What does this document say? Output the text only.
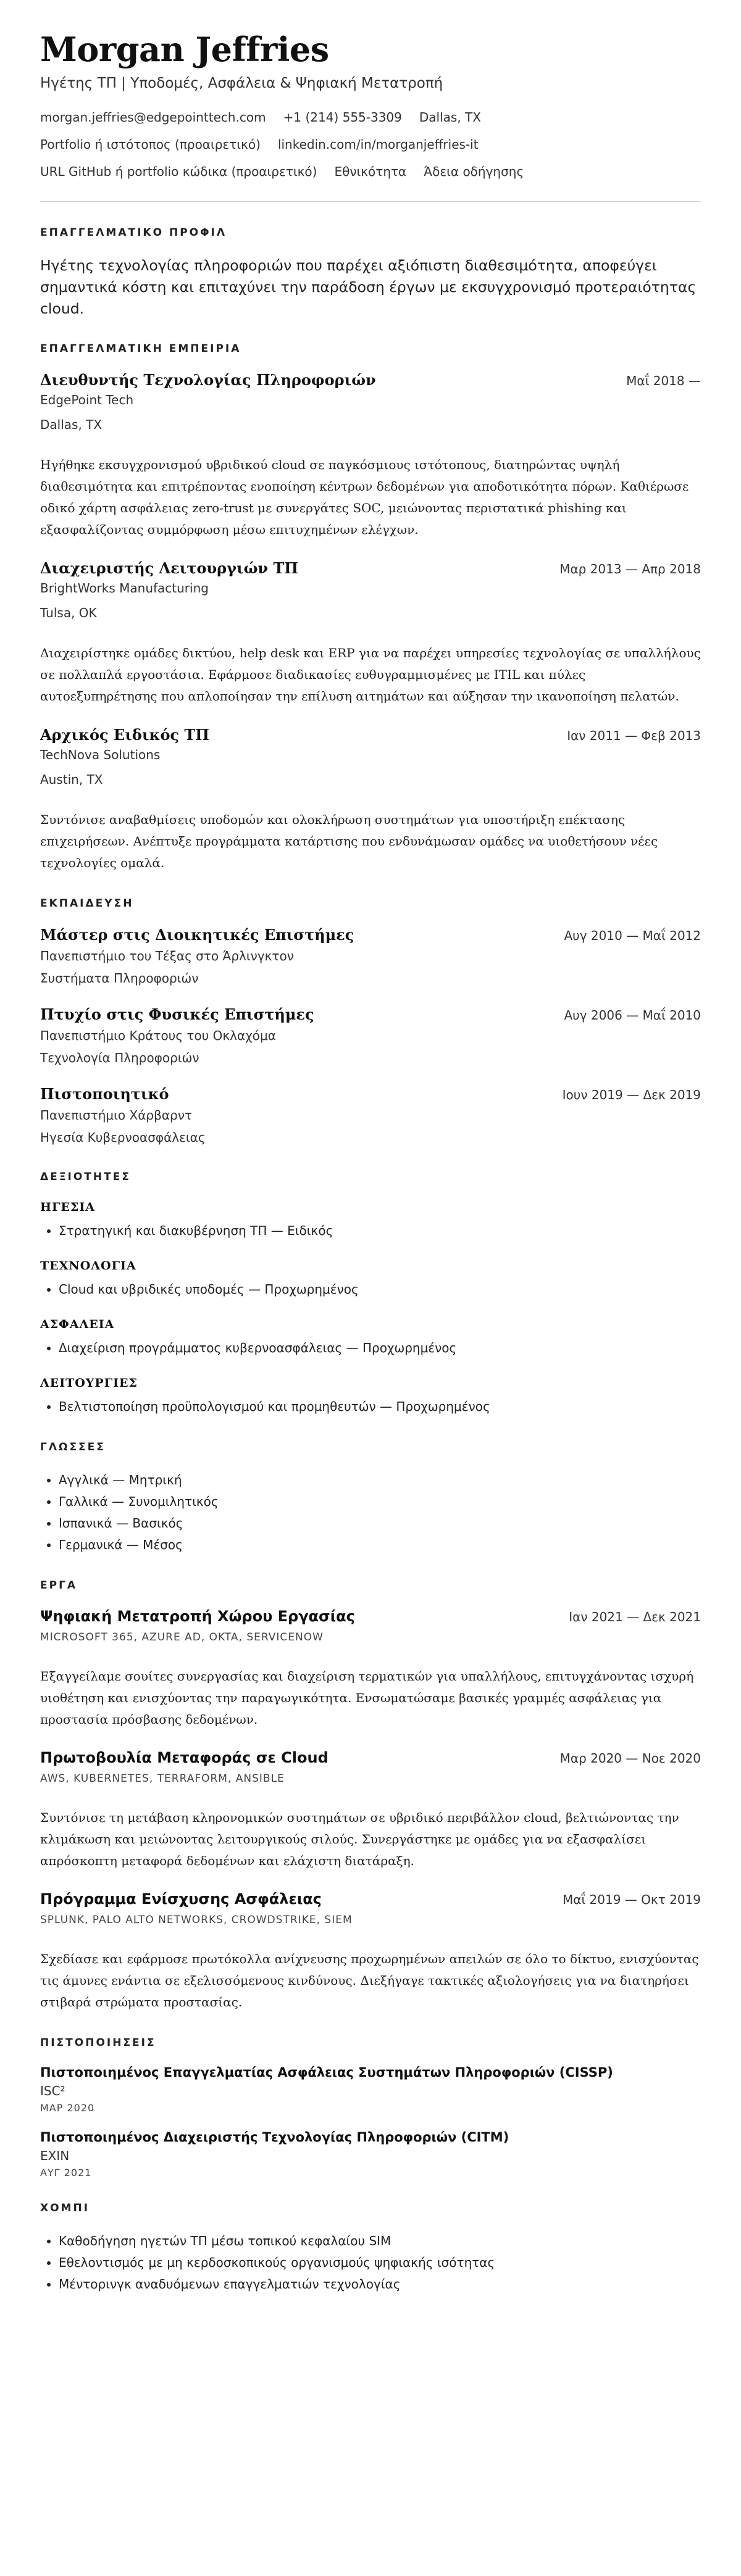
Morgan Jeffries
Ηγέτης ΤΠ | Υποδομές, Ασφάλεια & Ψηφιακή Μετατροπή
morgan.jeffries@edgepointtech.com +1 (214) 555-3309 Dallas, TX
Portfolio ή ιστότοπος (προαιρετικό) linkedin.com/in/morganjeffries-it
URL GitHub ή portfolio κώδικα (προαιρετικό) Εθνικότητα Άδεια οδήγησης
ΕΠΑΓΓΕΛΜΑΤΙΚΟ ΠΡΟΦΙΛ
Ηγέτης τεχνολογίας πληροφοριών που παρέχει αξιόπιστη διαθεσιμότητα, αποφεύγει σημαντικά κόστη και επιταχύνει την παράδοση έργων με εκσυγχρονισμό προτεραιότητας cloud.
ΕΠΑΓΓΕΛΜΑΤΙΚΗ ΕΜΠΕΙΡΙΑ
Διευθυντής Τεχνολογίας Πληροφοριών	Μαΐ 2018 —
EdgePoint Tech
Dallas, TX
Ηγήθηκε εκσυγχρονισμού υβριδικού cloud σε παγκόσμιους ιστότοπους, διατηρώντας υψηλή διαθεσιμότητα και επιτρέποντας ενοποίηση κέντρων δεδομένων για αποδοτικότητα πόρων. Καθιέρωσε οδικό χάρτη ασφάλειας zero-trust με συνεργάτες SOC, μειώνοντας περιστατικά phishing και εξασφαλίζοντας συμμόρφωση μέσω επιτυχημένων ελέγχων.
Διαχειριστής Λειτουργιών ΤΠ	Μαρ 2013 — Απρ 2018
BrightWorks Manufacturing
Tulsa, OK
Διαχειρίστηκε ομάδες δικτύου, help desk και ERP για να παρέχει υπηρεσίες τεχνολογίας σε υπαλλήλους σε πολλαπλά εργοστάσια. Εφάρμοσε διαδικασίες ευθυγραμμισμένες με ITIL και πύλες αυτοεξυπηρέτησης που απλοποίησαν την επίλυση αιτημάτων και αύξησαν την ικανοποίηση πελατών.
Αρχικός Ειδικός ΤΠ	Ιαν 2011 — Φεβ 2013
TechNova Solutions
Austin, TX
Συντόνισε αναβαθμίσεις υποδομών και ολοκλήρωση συστημάτων για υποστήριξη επέκτασης επιχειρήσεων. Ανέπτυξε προγράμματα κατάρτισης που ενδυνάμωσαν ομάδες να υιοθετήσουν νέες τεχνολογίες ομαλά.
ΕΚΠΑΙΔΕΥΣΗ
Μάστερ στις Διοικητικές Επιστήμες	Αυγ 2010 — Μαΐ 2012
Πανεπιστήμιο του Τέξας στο Άρλινγκτον
Συστήματα Πληροφοριών
Πτυχίο στις Φυσικές Επιστήμες	Αυγ 2006 — Μαΐ 2010
Πανεπιστήμιο Κράτους του Οκλαχόμα
Τεχνολογία Πληροφοριών
Πιστοποιητικό	Ιουν 2019 — Δεκ 2019
Πανεπιστήμιο Χάρβαρντ
Ηγεσία Κυβερνοασφάλειας
ΔΕΞΙΟΤΗΤΕΣ
ΗΓΕΣΙΑ
• Στρατηγική και διακυβέρνηση ΤΠ — Ειδικός
ΤΕΧΝΟΛΟΓΙΑ
• Cloud και υβριδικές υποδομές — Προχωρημένος
ΑΣΦΑΛΕΙΑ
• Διαχείριση προγράμματος κυβερνοασφάλειας — Προχωρημένος
ΛΕΙΤΟΥΡΓΙΕΣ
• Βελτιστοποίηση προϋπολογισμού και προμηθευτών — Προχωρημένος
ΓΛΩΣΣΕΣ
• Αγγλικά — Μητρική
• Γαλλικά — Συνομιλητικός
• Ισπανικά — Βασικός
• Γερμανικά — Μέσος
ΕΡΓΑ
Ψηφιακή Μετατροπή Χώρου Εργασίας	Ιαν 2021 — Δεκ 2021
MICROSOFT 365, AZURE AD, OKTA, SERVICENOW
Εξαγγείλαμε σουίτες συνεργασίας και διαχείριση τερματικών για υπαλλήλους, επιτυγχάνοντας ισχυρή υιοθέτηση και ενισχύοντας την παραγωγικότητα. Ενσωματώσαμε βασικές γραμμές ασφάλειας για προστασία πρόσβασης δεδομένων.
Πρωτοβουλία Μεταφοράς σε Cloud	Μαρ 2020 — Νοε 2020
AWS, KUBERNETES, TERRAFORM, ANSIBLE
Συντόνισε τη μετάβαση κληρονομικών συστημάτων σε υβριδικό περιβάλλον cloud, βελτιώνοντας την κλιμάκωση και μειώνοντας λειτουργικούς σιλούς. Συνεργάστηκε με ομάδες για να εξασφαλίσει απρόσκοπτη μεταφορά δεδομένων και ελάχιστη διατάραξη.
Πρόγραμμα Ενίσχυσης Ασφάλειας	Μαΐ 2019 — Οκτ 2019
SPLUNK, PALO ALTO NETWORKS, CROWDSTRIKE, SIEM
Σχεδίασε και εφάρμοσε πρωτόκολλα ανίχνευσης προχωρημένων απειλών σε όλο το δίκτυο, ενισχύοντας τις άμυνες ενάντια σε εξελισσόμενους κινδύνους. Διεξήγαγε τακτικές αξιολογήσεις για να διατηρήσει στιβαρά στρώματα προστασίας.
ΠΙΣΤΟΠΟΙΗΣΕΙΣ
Πιστοποιημένος Επαγγελματίας Ασφάλειας Συστημάτων Πληροφοριών (CISSP)
ISC²
ΜΑΡ 2020
Πιστοποιημένος Διαχειριστής Τεχνολογίας Πληροφοριών (CITM)
EXIN
ΑΥΓ 2021
ΧΟΜΠΙ
• Καθοδήγηση ηγετών ΤΠ μέσω τοπικού κεφαλαίου SIM
• Εθελοντισμός με μη κερδοσκοπικούς οργανισμούς ψηφιακής ισότητας
• Μέντορινγκ αναδυόμενων επαγγελματιών τεχνολογίας
